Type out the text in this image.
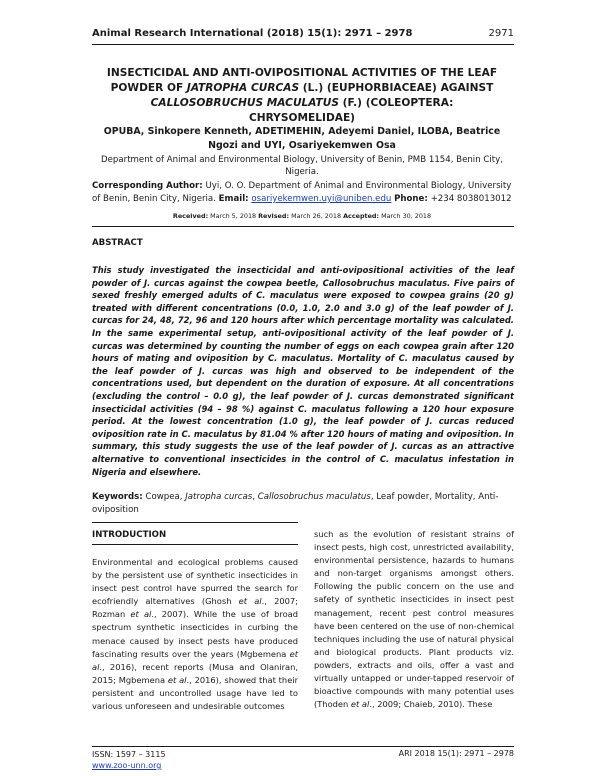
Animal Research International (2018) 15(1): 2971 – 2978	2971
INSECTICIDAL AND ANTI-OVIPOSITIONAL ACTIVITIES OF THE LEAF POWDER OF JATROPHA CURCAS (L.) (EUPHORBIACEAE) AGAINST CALLOSOBRUCHUS MACULATUS (F.) (COLEOPTERA: CHRYSOMELIDAE)
OPUBA, Sinkopere Kenneth, ADETIMEHIN, Adeyemi Daniel, ILOBA, Beatrice Ngozi and UYI, Osariyekemwen Osa
Department of Animal and Environmental Biology, University of Benin, PMB 1154, Benin City, Nigeria.
Corresponding Author: Uyi, O. O. Department of Animal and Environmental Biology, University of Benin, Benin City, Nigeria. Email: osariyekemwen.uyi@uniben.edu Phone: +234 8038013012
Received: March 5, 2018 Revised: March 26, 2018 Accepted: March 30, 2018
ABSTRACT
This study investigated the insecticidal and anti-ovipositional activities of the leaf powder of J. curcas against the cowpea beetle, Callosobruchus maculatus. Five pairs of sexed freshly emerged adults of C. maculatus were exposed to cowpea grains (20 g) treated with different concentrations (0.0, 1.0, 2.0 and 3.0 g) of the leaf powder of J. curcas for 24, 48, 72, 96 and 120 hours after which percentage mortality was calculated. In the same experimental setup, anti-ovipositional activity of the leaf powder of J. curcas was determined by counting the number of eggs on each cowpea grain after 120 hours of mating and oviposition by C. maculatus. Mortality of C. maculatus caused by the leaf powder of J. curcas was high and observed to be independent of the concentrations used, but dependent on the duration of exposure. At all concentrations (excluding the control – 0.0 g), the leaf powder of J. curcas demonstrated significant insecticidal activities (94 – 98 %) against C. maculatus following a 120 hour exposure period. At the lowest concentration (1.0 g), the leaf powder of J. curcas reduced oviposition rate in C. maculatus by 81.04 % after 120 hours of mating and oviposition. In summary, this study suggests the use of the leaf powder of J. curcas as an attractive alternative to conventional insecticides in the control of C. maculatus infestation in Nigeria and elsewhere.
Keywords: Cowpea, Jatropha curcas, Callosobruchus maculatus, Leaf powder, Mortality, Anti-oviposition
INTRODUCTION
Environmental and ecological problems caused by the persistent use of synthetic insecticides in insect pest control have spurred the search for ecofriendly alternatives (Ghosh et al., 2007; Rozman et al., 2007). While the use of broad spectrum synthetic insecticides in curbing the menace caused by insect pests have produced fascinating results over the years (Mgbemena et al., 2016), recent reports (Musa and Olaniran, 2015; Mgbemena et al., 2016), showed that their persistent and uncontrolled usage have led to various unforeseen and undesirable outcomes
such as the evolution of resistant strains of insect pests, high cost, unrestricted availability, environmental persistence, hazards to humans and non-target organisms amongst others. Following the public concern on the use and safety of synthetic insecticides in insect pest management, recent pest control measures have been centered on the use of non-chemical techniques including the use of natural physical and biological products. Plant products viz. powders, extracts and oils, offer a vast and virtually untapped or under-tapped reservoir of bioactive compounds with many potential uses (Thoden et al., 2009; Chaieb, 2010). These
ISSN: 1597 – 3115
www.zoo-unn.org
ARI 2018 15(1): 2971 – 2978
